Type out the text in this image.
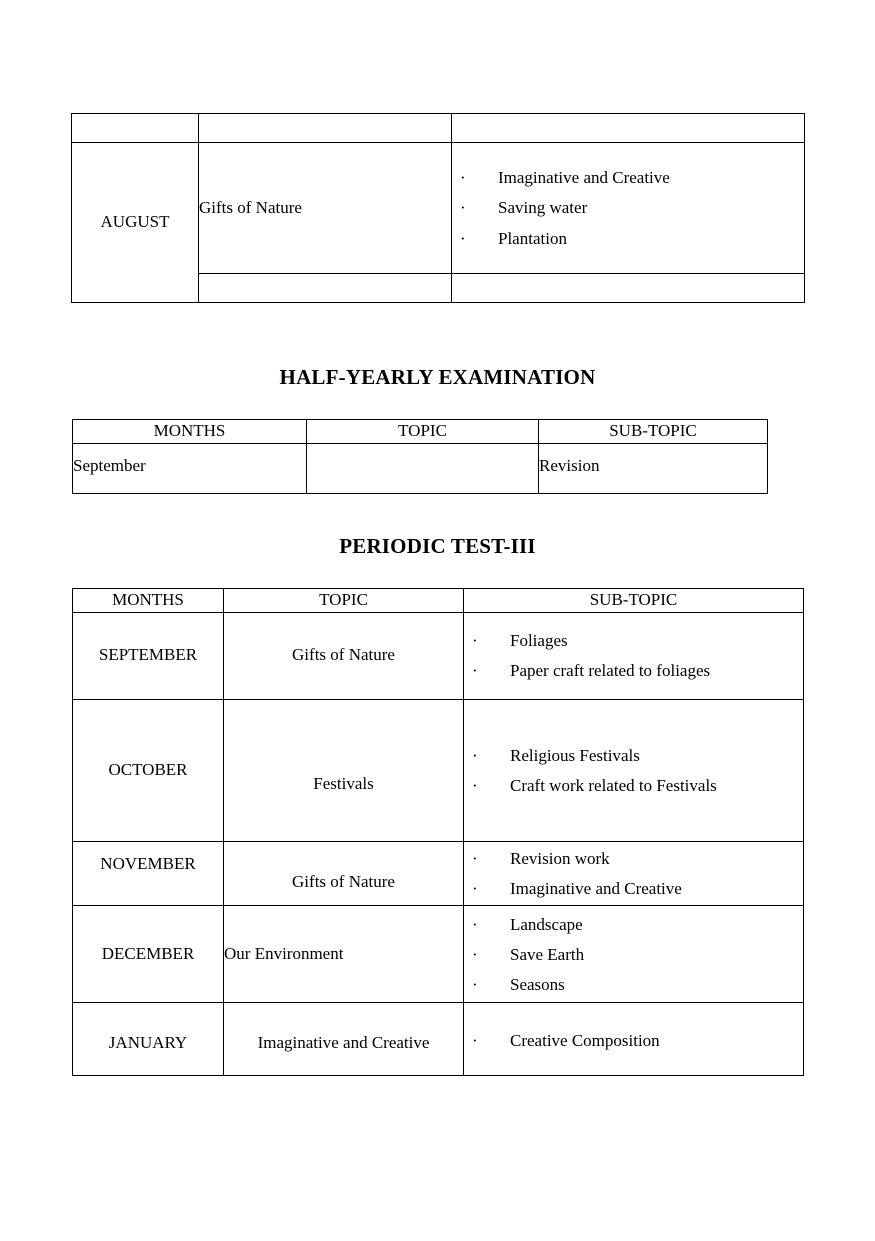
AUGUST	Gifts of Nature	
· Imaginative and Creative
· Saving water
· Plantation

HALF-YEARLY EXAMINATION
MONTHS	TOPIC	SUB-TOPIC
September		Revision
PERIODIC TEST-III
MONTHS	TOPIC	SUB-TOPIC
SEPTEMBER	Gifts of Nature	
· Foliages
· Paper craft related to foliages

OCTOBER	Festivals	
· Religious Festivals
· Craft work related to Festivals

NOVEMBER	Gifts of Nature	
· Revision work
· Imaginative and Creative

DECEMBER	Our Environment	
· Landscape
· Save Earth
· Seasons

JANUARY	Imaginative and Creative	· Creative Composition
